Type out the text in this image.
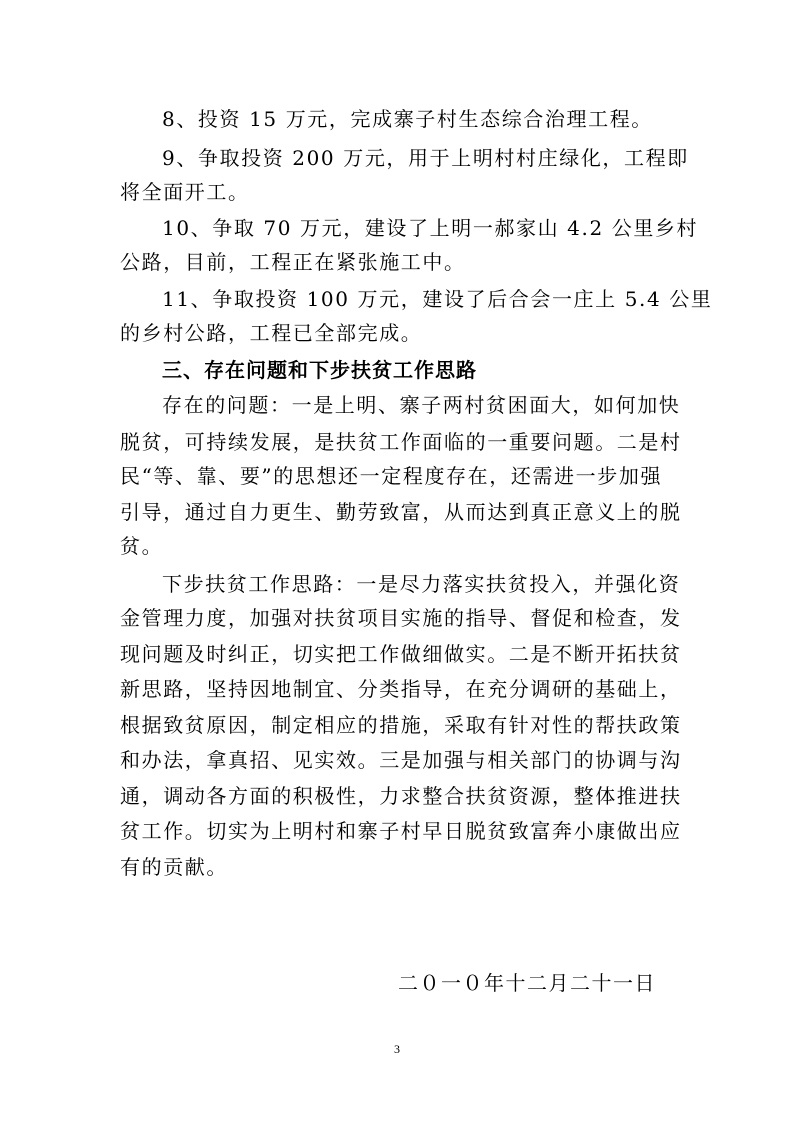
8、投资 15 万元，完成寨子村生态综合治理工程。
9、争取投资 200 万元，用于上明村村庄绿化，工程即
将全面开工。
10、争取 70 万元，建设了上明一郝家山 4.2 公里乡村
公路，目前，工程正在紧张施工中。
11、争取投资 100 万元，建设了后合会一庄上 5.4 公里
的乡村公路，工程已全部完成。
三、存在问题和下步扶贫工作思路
存在的问题：一是上明、寨子两村贫困面大，如何加快
脱贫，可持续发展，是扶贫工作面临的一重要问题。二是村
民“等、靠、要”的思想还一定程度存在，还需进一步加强
引导，通过自力更生、勤劳致富，从而达到真正意义上的脱
贫。
下步扶贫工作思路：一是尽力落实扶贫投入，并强化资
金管理力度，加强对扶贫项目实施的指导、督促和检查，发
现问题及时纠正，切实把工作做细做实。二是不断开拓扶贫
新思路，坚持因地制宜、分类指导，在充分调研的基础上，
根据致贫原因，制定相应的措施，采取有针对性的帮扶政策
和办法，拿真招、见实效。三是加强与相关部门的协调与沟
通，调动各方面的积极性，力求整合扶贫资源，整体推进扶
贫工作。切实为上明村和寨子村早日脱贫致富奔小康做出应
有的贡献。
二０一０年十二月二十一日
3
